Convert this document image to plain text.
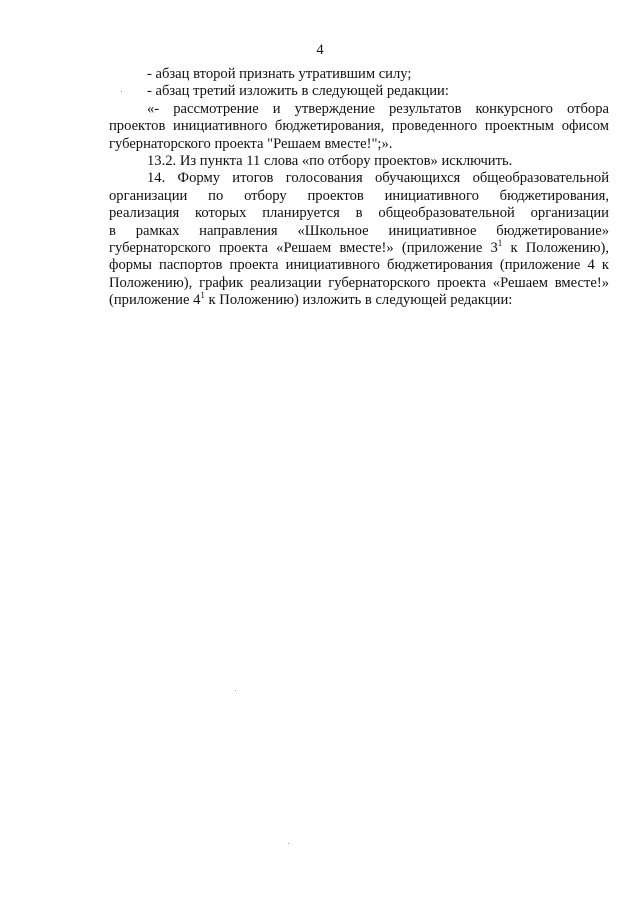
4
- абзац второй признать утратившим силу;
- абзац третий изложить в следующей редакции:
«- рассмотрение и утверждение результатов конкурсного отбора
проектов инициативного бюджетирования, проведенного проектным офисом
губернаторского проекта "Решаем вместе!";».
13.2. Из пункта 11 слова «по отбору проектов» исключить.
14. Форму итогов голосования обучающихся общеобразовательной
организации по отбору проектов инициативного бюджетирования,
реализация которых планируется в общеобразовательной организации
в рамках направления «Школьное инициативное бюджетирование»
губернаторского проекта «Решаем вместе!» (приложение $3^1$ к Положению),
формы паспортов проекта инициативного бюджетирования (приложение 4 к
Положению), график реализации губернаторского проекта «Решаем вместе!»
(приложение $4^1$ к Положению) изложить в следующей редакции:
